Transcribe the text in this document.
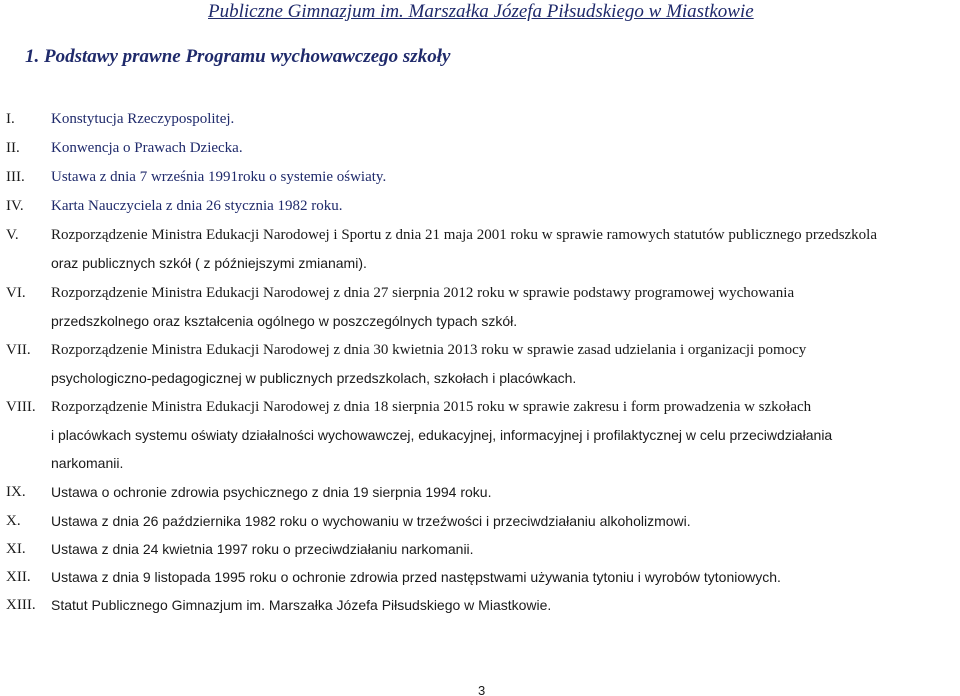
Publiczne Gimnazjum im. Marszałka Józefa Piłsudskiego w Miastkowie
1. Podstawy prawne Programu wychowawczego szkoły
I. Konstytucja Rzeczypospolitej.
II. Konwencja o Prawach Dziecka.
III. Ustawa z dnia 7 września 1991roku o systemie oświaty.
IV. Karta Nauczyciela z dnia 26 stycznia 1982 roku.
V. Rozporządzenie Ministra Edukacji Narodowej i Sportu z dnia 21 maja 2001 roku w sprawie ramowych statutów publicznego przedszkola
oraz publicznych szkół ( z późniejszymi zmianami).
VI. Rozporządzenie Ministra Edukacji Narodowej z dnia 27 sierpnia 2012 roku w sprawie podstawy programowej wychowania
przedszkolnego oraz kształcenia ogólnego w poszczególnych typach szkół.
VII. Rozporządzenie Ministra Edukacji Narodowej z dnia 30 kwietnia 2013 roku w sprawie zasad udzielania i organizacji pomocy
psychologiczno-pedagogicznej w publicznych przedszkolach, szkołach i placówkach.
VIII. Rozporządzenie Ministra Edukacji Narodowej z dnia 18 sierpnia 2015 roku w sprawie zakresu i form prowadzenia w szkołach
i placówkach systemu oświaty działalności wychowawczej, edukacyjnej, informacyjnej i profilaktycznej w celu przeciwdziałania
narkomanii.
IX. Ustawa o ochronie zdrowia psychicznego z dnia 19 sierpnia 1994 roku.
X. Ustawa z dnia 26 października 1982 roku o wychowaniu w trzeźwości i przeciwdziałaniu alkoholizmowi.
XI. Ustawa z dnia 24 kwietnia 1997 roku o przeciwdziałaniu narkomanii.
XII. Ustawa z dnia 9 listopada 1995 roku o ochronie zdrowia przed następstwami używania tytoniu i wyrobów tytoniowych.
XIII. Statut Publicznego Gimnazjum im. Marszałka Józefa Piłsudskiego w Miastkowie.
3
